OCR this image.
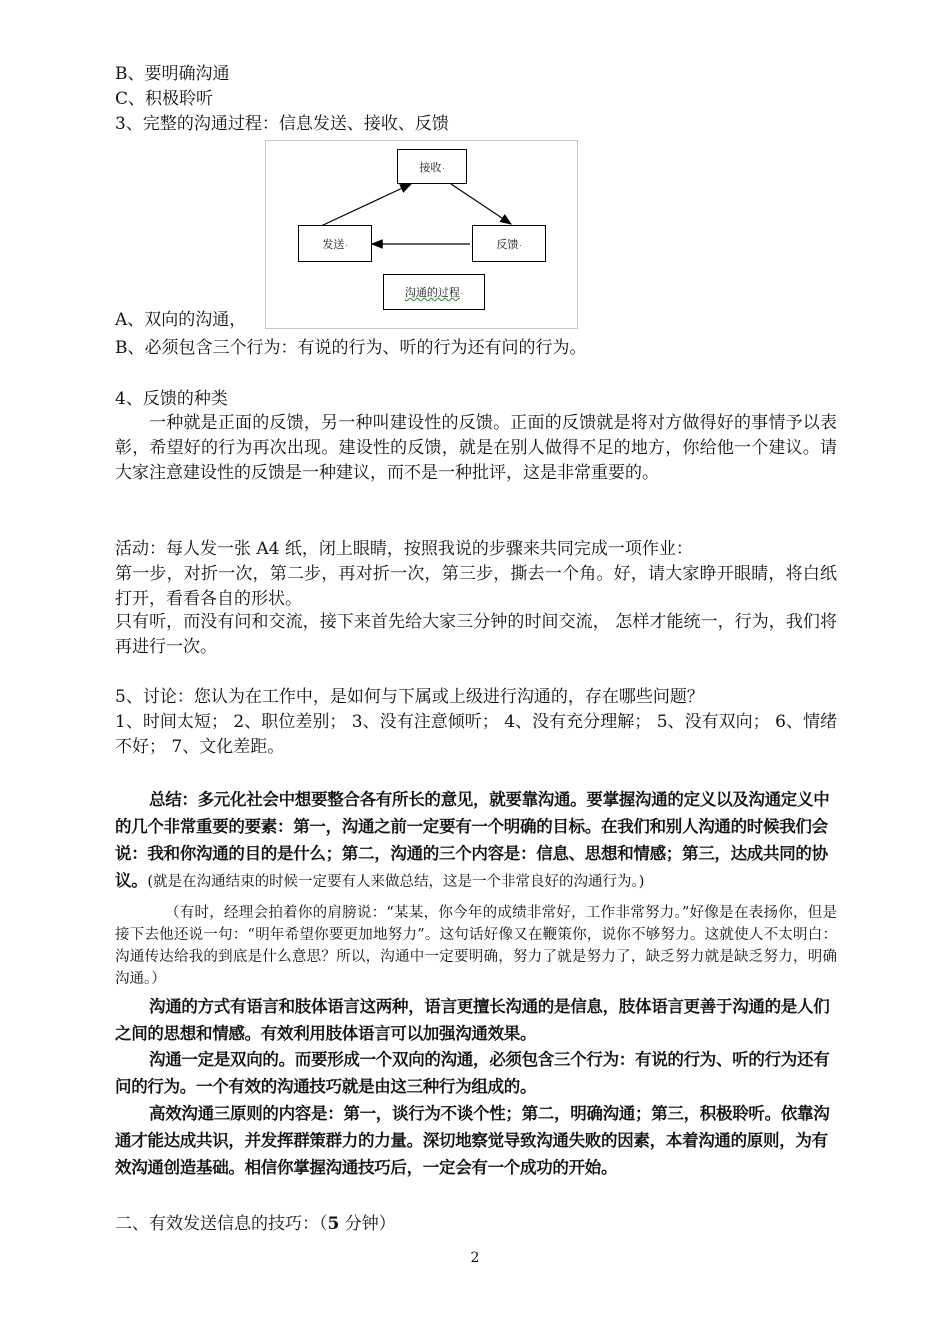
B、要明确沟通
C、积极聆听
3、完整的沟通过程：信息发送、接收、反馈
接收 .
发送 .	反馈 .
沟通的过程 .
A、双向的沟通，
B、必须包含三个行为：有说的行为、听的行为还有问的行为。
4、反馈的种类
一种就是正面的反馈，另一种叫建设性的反馈。正面的反馈就是将对方做得好的事情予以表彰，希望好的行为再次出现。建设性的反馈，就是在别人做得不足的地方，你给他一个建议。请大家注意建设性的反馈是一种建议，而不是一种批评，这是非常重要的。
活动：每人发一张 A4 纸，闭上眼睛，按照我说的步骤来共同完成一项作业：
第一步，对折一次，第二步，再对折一次，第三步，撕去一个角。好，请大家睁开眼睛，将白纸打开，看看各自的形状。
只有听，而没有问和交流，接下来首先给大家三分钟的时间交流， 怎样才能统一，行为，我们将再进行一次。
5、讨论：您认为在工作中，是如何与下属或上级进行沟通的，存在哪些问题？
1、时间太短； 2、职位差别； 3、没有注意倾听； 4、没有充分理解； 5、没有双向； 6、情绪不好； 7、文化差距。
总结：多元化社会中想要整合各有所长的意见，就要靠沟通。要掌握沟通的定义以及沟通定义中的几个非常重要的要素：第一，沟通之前一定要有一个明确的目标。在我们和别人沟通的时候我们会说：我和你沟通的目的是什么；第二，沟通的三个内容是：信息、思想和情感；第三，达成共同的协议。(就是在沟通结束的时候一定要有人来做总结，这是一个非常良好的沟通行为。)
（有时，经理会拍着你的肩膀说：“某某，你今年的成绩非常好，工作非常努力。”好像是在表扬你，但是接下去他还说一句：“明年希望你要更加地努力”。这句话好像又在鞭策你，说你不够努力。这就使人不太明白：沟通传达给我的到底是什么意思？所以，沟通中一定要明确，努力了就是努力了，缺乏努力就是缺乏努力，明确沟通。）
沟通的方式有语言和肢体语言这两种，语言更擅长沟通的是信息，肢体语言更善于沟通的是人们之间的思想和情感。有效利用肢体语言可以加强沟通效果。
沟通一定是双向的。而要形成一个双向的沟通，必须包含三个行为：有说的行为、听的行为还有问的行为。一个有效的沟通技巧就是由这三种行为组成的。
高效沟通三原则的内容是：第一，谈行为不谈个性；第二，明确沟通；第三，积极聆听。依靠沟通才能达成共识，并发挥群策群力的力量。深切地察觉导致沟通失败的因素，本着沟通的原则，为有效沟通创造基础。相信你掌握沟通技巧后，一定会有一个成功的开始。
二、有效发送信息的技巧：（5 分钟）
2
